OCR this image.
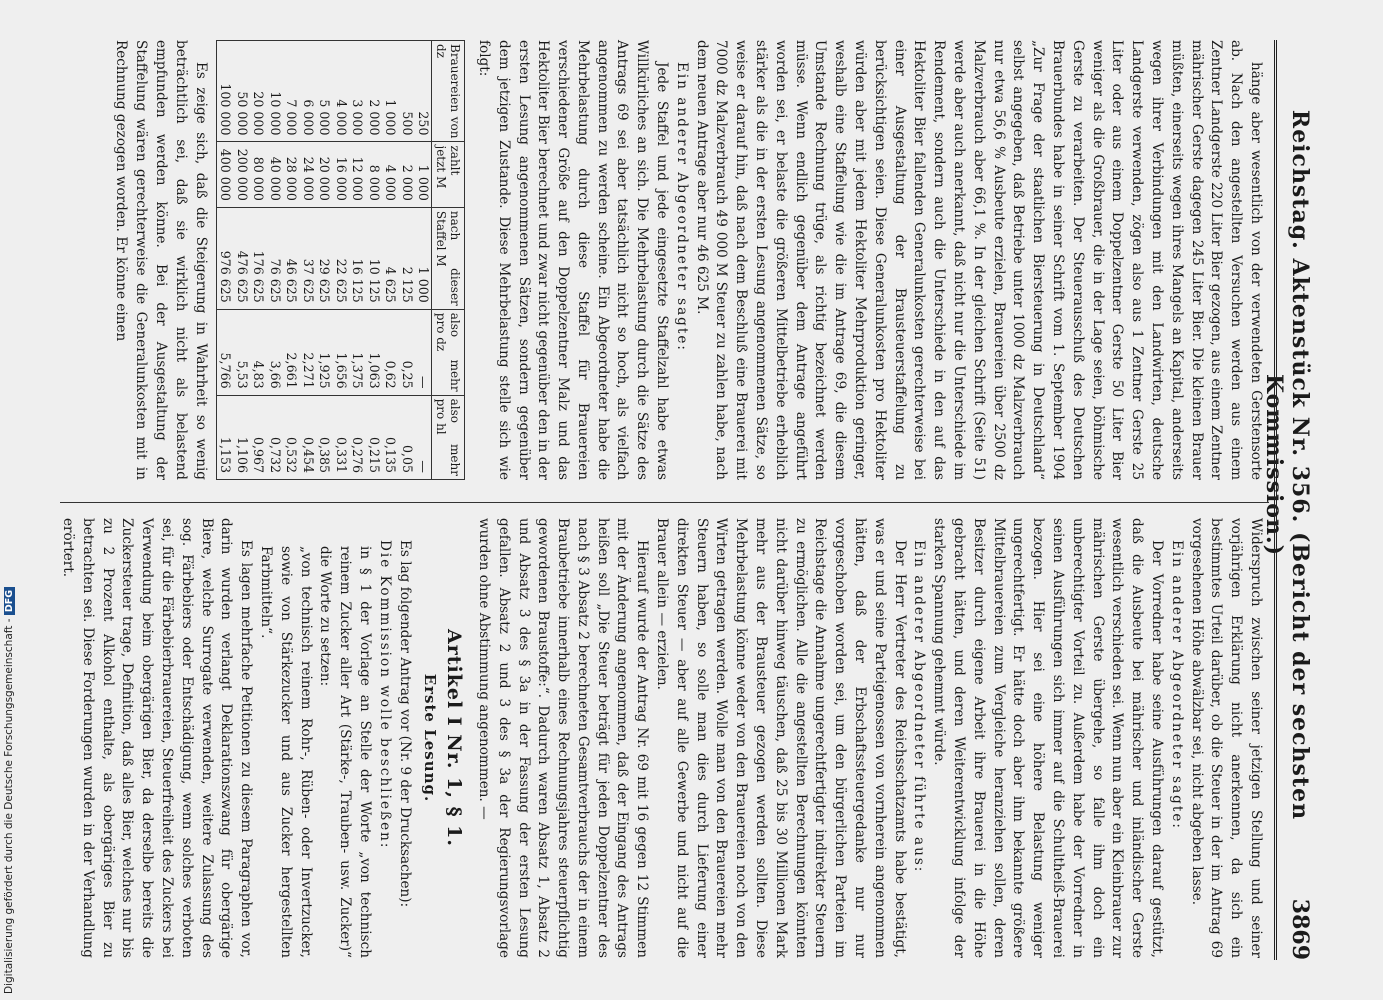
Reichstag. Aktenstück Nr. 356. (Bericht der sechsten Kommission.)
3869

hänge aber wesentlich von der verwendeten Gerstensorte ab. Nach den angestellten Versuchen werden aus einem Zentner Landgerste 220 Liter Bier gezogen, aus einem Zentner mährischer Gerste dagegen 245 Liter Bier. Die kleinen Brauer müßten, einerseits wegen ihres Mangels an Kapital, anderseits wegen ihrer Verbindungen mit den Landwirten, deutsche Landgerste verwenden, zögen also aus 1 Zentner Gerste 25 Liter oder aus einem Doppelzentner Gerste 50 Liter Bier weniger als die Großbrauer, die in der Lage seien, böhmische Gerste zu verarbeiten. Der Steuerausschuß des Deutschen Brauerbundes habe in seiner Schrift vom 1. September 1904 „Zur Frage der staatlichen Biersteuerung in Deutschland“ selbst angegeben, daß Betriebe unter 1000 dz Malzverbrauch nur etwa 56,6 % Ausbeute erzielen, Brauereien über 2500 dz Malzverbrauch aber 66,1 %. In der gleichen Schrift (Seite 51) werde aber auch anerkannt, daß nicht nur die Unterschiede im Rendement, sondern auch die Unterschiede in den auf das Hektoliter Bier fallenden Generalunkosten gerechterweise bei einer Ausgestaltung der Brausteuerstaffelung zu berücksichtigen seien. Diese Generalunkosten pro Hektoliter würden aber mit jedem Hektoliter Mehrproduktion geringer, weshalb eine Staffelung wie die im Antrage 69, die diesem Umstande Rechnung trüge, als richtig bezeichnet werden müsse. Wenn endlich gegenüber dem Antrage angeführt worden sei, er belaste die größeren Mittelbetriebe erheblich stärker als die in der ersten Lesung angenommenen Sätze, so weise er darauf hin, daß nach dem Beschluß eine Brauerei mit 7000 dz Malzverbrauch 49 000 M Steuer zu zahlen habe, nach dem neuen Antrage aber nur 46 625 M.

Ein anderer Abgeordneter sagte:

Jede Staffel und jede eingesetzte Staffelzahl habe etwas Willkürliches an sich. Die Mehrbelastung durch die Sätze des Antrags 69 sei aber tatsächlich nicht so hoch, als vielfach angenommen zu werden scheine. Ein Abgeordneter habe die Mehrbelastung durch diese Staffel für Brauereien verschiedener Größe auf den Doppelzentner Malz und das Hektoliter Bier berechnet und zwar nicht gegenüber den in der ersten Lesung angenommenen Sätzen, sondern gegenüber dem jetzigen Zustande. Diese Mehrbelastung stelle sich wie folgt:

Brauereien von dz	zahlt jetzt M	nach dieser Staffel M	also mehr pro dz	also mehr pro hl
250	1 000	1 000	—	—
500	2 000	2 125	0,25	0,05
1 000	4 000	4 625	0,62	0,135
2 000	8 000	10 125	1,063	0,215
3 000	12 000	16 125	1,375	0,276
4 000	16 000	22 625	1,656	0,331
5 000	20 000	29 625	1,925	0,385
6 000	24 000	37 625	2,271	0,454
7 000	28 000	46 625	2,661	0,532
10 000	40 000	76 625	3,66	0,732
20 000	80 000	176 625	4,83	0,967
50 000	200 000	476 625	5,53	1,106
100 000	400 000	976 625	5,766	1,153

Es zeige sich, daß die Steigerung in Wahrheit so wenig beträchtlich sei, daß sie wirklich nicht als belastend empfunden werden könne. Bei der Ausgestaltung der Staffelung wären gerechterweise die Generalunkosten mit in Rechnung gezogen worden. Er könne einen

Widerspruch zwischen seiner jetzigen Stellung und seiner vorjährigen Erklärung nicht anerkennen, da sich ein bestimmtes Urteil darüber, ob die Steuer in der im Antrag 69 vorgesehenen Höhe abwälzbar sei, nicht abgeben lasse.

Ein anderer Abgeordneter sagte:

Der Vorredner habe seine Ausführungen darauf gestützt, daß die Ausbeute bei mährischer und inländischer Gerste wesentlich verschieden sei. Wenn nun aber ein Kleinbrauer zur mährischen Gerste übergehe, so falle ihm doch ein unberechtigter Vorteil zu. Außerdem habe der Vorredner in seinen Ausführungen sich immer auf die Schultheiß-Brauerei bezogen. Hier sei eine höhere Belastung weniger ungerechtfertigt. Er hätte doch aber ihm bekannte größere Mittelbrauereien zum Vergleiche heranziehen sollen, deren Besitzer durch eigene Arbeit ihre Brauerei in die Höhe gebracht hätten, und deren Weiterentwicklung infolge der starken Spannung gehemmt würde.

Ein anderer Abgeordneter führte aus:

Der Herr Vertreter des Reichsschatzamts habe bestätigt, was er und seine Parteigenossen von vornherein angenommen hätten, daß der Erbschaftssteuergedanke nur nur vorgeschoben worden sei, um den bürgerlichen Parteien im Reichstage die Annahme ungerechtfertigter indirekter Steuern zu ermöglichen. Alle die angestellten Berechnungen könnten nicht darüber hinweg täuschen, daß 25 bis 30 Millionen Mark mehr aus der Brausteuer gezogen werden sollten. Diese Mehrbelastung könne weder von den Brauereien noch von den Wirten getragen werden. Wolle man von den Brauereien mehr Steuern haben, so solle man dies durch Lieferung einer direkten Steuer — aber auf alle Gewerbe und nicht auf die Brauer allein — erzielen.

Hierauf wurde der Antrag Nr. 69 mit 16 gegen 12 Stimmen mit der Änderung angenommen, daß der Eingang des Antrags heißen soll „Die Steuer beträgt für jeden Doppelzentner des nach § 3 Absatz 2 berechneten Gesamtverbrauchs der in einem Braubetriebe innerhalb eines Rechnungsjahres steuerpflichtig gewordenen Braustoffe:“. Dadurch waren Absatz 1, Absatz 2 und Absatz 3 des § 3a in der Fassung der ersten Lesung gefallen. Absatz 2 und 3 des § 3a der Regierungsvorlage wurden ohne Abstimmung angenommen. —

Artikel I Nr. 1, § 1.
Erste Lesung.

Es lag folgender Antrag vor (Nr. 9 der Drucksachen):

Die Kommission wolle beschließen:

in § 1 der Vorlage an Stelle der Worte „von technisch reinem Zucker aller Art (Stärke-, Trauben- usw. Zucker)“ die Worte zu setzen:

„von technisch reinem Rohr-, Rüben- oder Invertzucker, sowie von Stärkezucker und aus Zucker hergestellten Farbmitteln“.

Es lagen mehrfache Petitionen zu diesem Paragraphen vor, darin wurden verlangt Deklarationszwang für obergärige Biere, welche Surrogate verwenden, weitere Zulassung des sog. Färbebiers oder Entschädigung, wenn solches verboten sei, für die Färbebierbrauereien, Steuerfreiheit des Zuckers bei Verwendung beim obergärigen Bier, da derselbe bereits die Zuckersteuer trage, Definition, daß alles Bier, welches nur bis zu 2 Prozent Alkohol enthalte, als obergäriges Bier zu betrachten sei. Diese Forderungen wurden in der Verhandlung erörtert.

Digitalisierung gefördert durch die Deutsche Forschungsgemeinschaft - DFG
